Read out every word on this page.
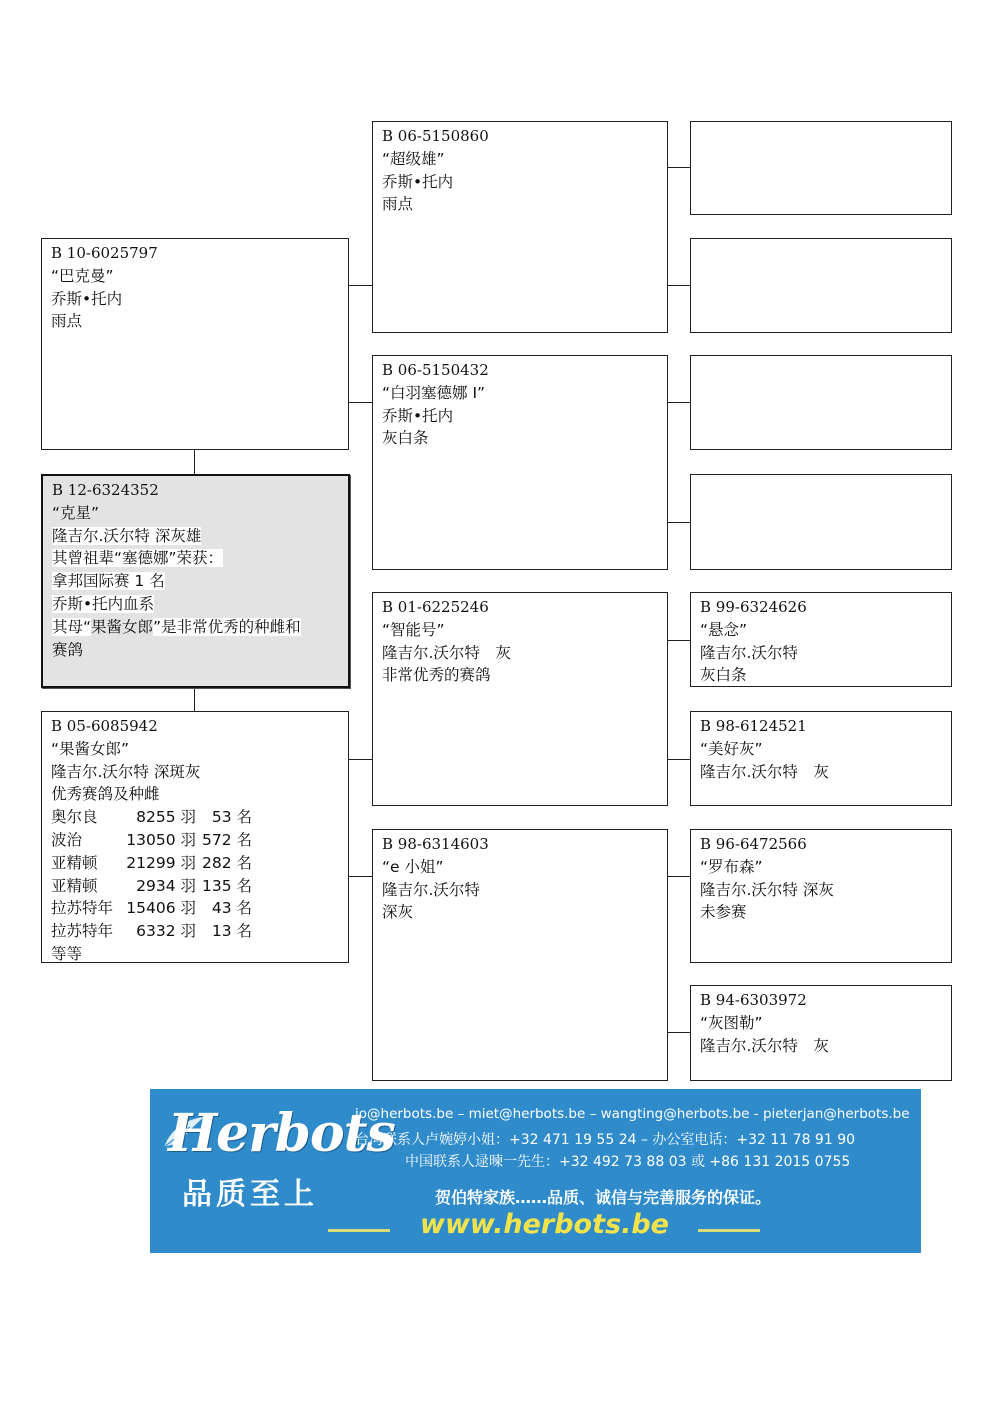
B 10-6025797
“巴克曼”
乔斯•托内
雨点
B 12-6324352
“克星”
隆吉尔.沃尔特 深灰雄
其曾祖辈“塞德娜”荣获：
拿邦国际赛 1 名
乔斯•托内血系
其母“果酱女郎”是非常优秀的种雌和
赛鸽
B 05-6085942
“果酱女郎”
隆吉尔.沃尔特 深斑灰
优秀赛鸽及种雌
奥尔良 8255 羽 53 名
波治	13050 羽 572 名
亚精顿 21299 羽 282 名
亚精顿 2934 羽 135 名
拉苏特年 15406 羽 43 名
拉苏特年 6332 羽 13 名
等等
B 06-5150860
“超级雄”
乔斯•托内
雨点
B 06-5150432
“白羽塞德娜 I”
乔斯•托内
灰白条
B 01-6225246
“智能号”
隆吉尔.沃尔特　灰
非常优秀的赛鸽
B 98-6314603
“e 小姐”
隆吉尔.沃尔特
深灰
B 99-6324626
“悬念”
隆吉尔.沃尔特
灰白条
B 98-6124521
“美好灰”
隆吉尔.沃尔特　灰
B 96-6472566
“罗布森”
隆吉尔.沃尔特 深灰
未参赛
B 94-6303972
“灰图勒”
隆吉尔.沃尔特　灰
Herbots
品质至上
jo@herbots.be – miet@herbots.be – wangting@herbots.be - pieterjan@herbots.be
台湾联系人卢婉婷小姐：+32 471 19 55 24 – 办公室电话：+32 11 78 91 90
中国联系人逯暕一先生：+32 492 73 88 03 或 +86 131 2015 0755
贺伯特家族……品质、诚信与完善服务的保证。
www.herbots.be
